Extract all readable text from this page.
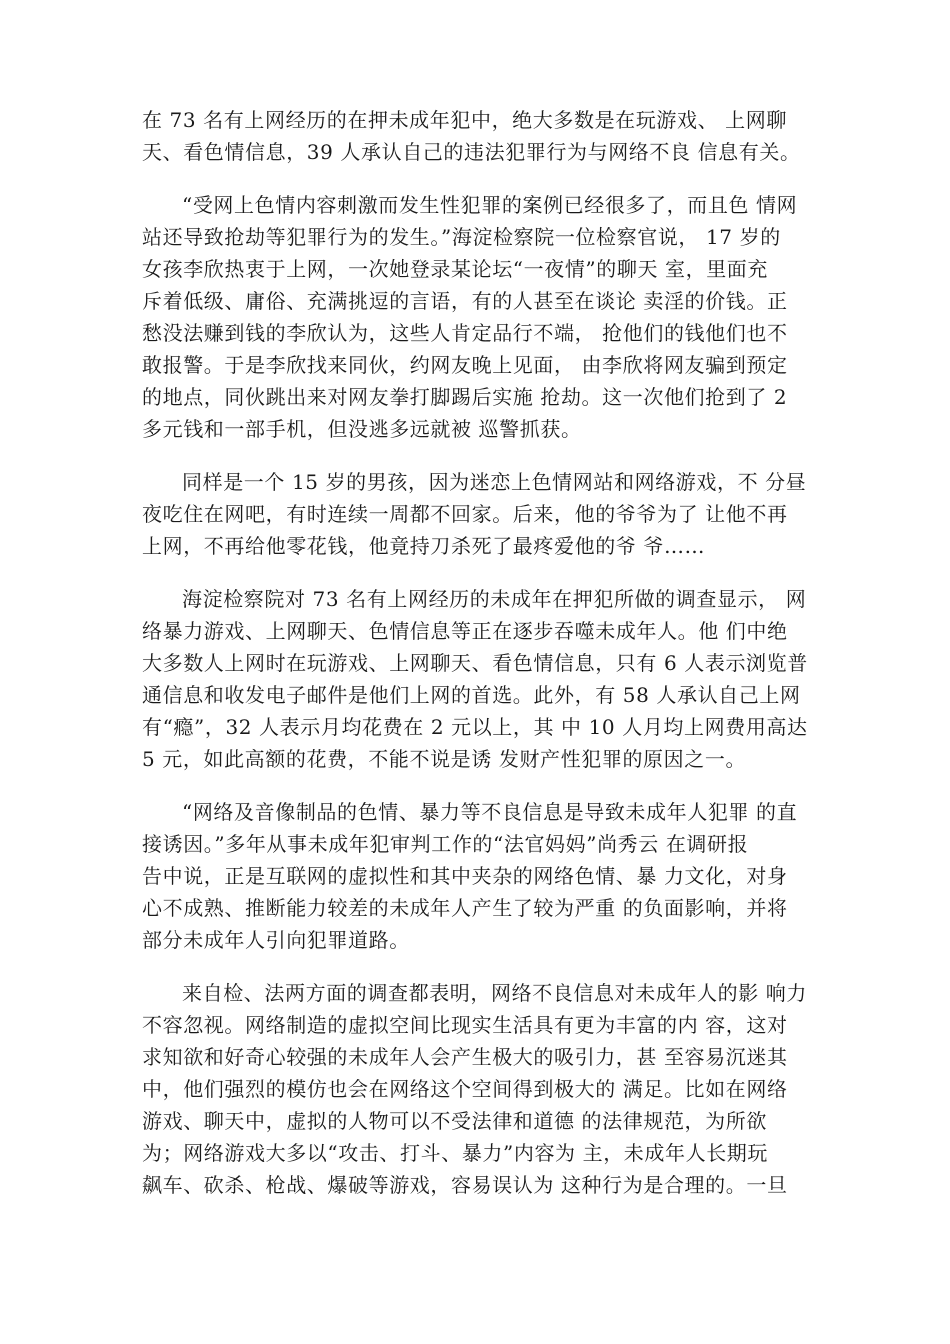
在 73 名有上网经历的在押未成年犯中，绝大多数是在玩游戏、 上网聊
天、看色情信息，39 人承认自己的违法犯罪行为与网络不良 信息有关。

“受网上色情内容刺激而发生性犯罪的案例已经很多了，而且色 情网
站还导致抢劫等犯罪行为的发生。”海淀检察院一位检察官说， 17 岁的
女孩李欣热衷于上网，一次她登录某论坛“一夜情”的聊天 室，里面充
斥着低级、庸俗、充满挑逗的言语，有的人甚至在谈论 卖淫的价钱。正
愁没法赚到钱的李欣认为，这些人肯定品行不端， 抢他们的钱他们也不
敢报警。于是李欣找来同伙，约网友晚上见面， 由李欣将网友骗到预定
的地点，同伙跳出来对网友拳打脚踢后实施 抢劫。这一次他们抢到了 2
多元钱和一部手机，但没逃多远就被 巡警抓获。

同样是一个 15 岁的男孩，因为迷恋上色情网站和网络游戏，不 分昼
夜吃住在网吧，有时连续一周都不回家。后来，他的爷爷为了 让他不再
上网，不再给他零花钱，他竟持刀杀死了最疼爱他的爷 爷……

海淀检察院对 73 名有上网经历的未成年在押犯所做的调查显示， 网
络暴力游戏、上网聊天、色情信息等正在逐步吞噬未成年人。他 们中绝
大多数人上网时在玩游戏、上网聊天、看色情信息，只有 6 人表示浏览普
通信息和收发电子邮件是他们上网的首选。此外，有 58 人承认自己上网
有“瘾”，32 人表示月均花费在 2 元以上，其 中 10 人月均上网费用高达
5 元，如此高额的花费，不能不说是诱 发财产性犯罪的原因之一。

“网络及音像制品的色情、暴力等不良信息是导致未成年人犯罪 的直
接诱因。”多年从事未成年犯审判工作的“法官妈妈”尚秀云 在调研报
告中说，正是互联网的虚拟性和其中夹杂的网络色情、暴 力文化，对身
心不成熟、推断能力较差的未成年人产生了较为严重 的负面影响，并将
部分未成年人引向犯罪道路。

来自检、法两方面的调查都表明，网络不良信息对未成年人的影 响力
不容忽视。网络制造的虚拟空间比现实生活具有更为丰富的内 容，这对
求知欲和好奇心较强的未成年人会产生极大的吸引力，甚 至容易沉迷其
中，他们强烈的模仿也会在网络这个空间得到极大的 满足。比如在网络
游戏、聊天中，虚拟的人物可以不受法律和道德 的法律规范，为所欲
为；网络游戏大多以“攻击、打斗、暴力”内容为 主，未成年人长期玩
飙车、砍杀、枪战、爆破等游戏，容易误认为 这种行为是合理的。一旦
